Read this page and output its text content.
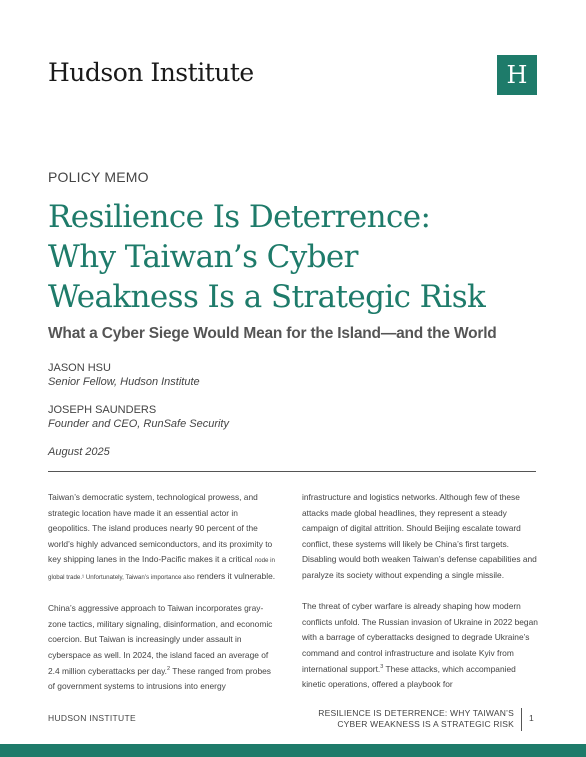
Hudson Institute	H
POLICY MEMO
Resilience Is Deterrence:
Why Taiwan’s Cyber
Weakness Is a Strategic Risk
What a Cyber Siege Would Mean for the Island—and the World
JASON HSU
Senior Fellow, Hudson Institute
JOSEPH SAUNDERS
Founder and CEO, RunSafe Security
August 2025

Taiwan’s democratic system, technological prowess, and strategic location have made it an essential actor in geopolitics. The island produces nearly 90 percent of the world’s highly advanced semiconductors, and its proximity to key shipping lanes in the Indo-Pacific makes it a critical node in global trade.¹ Unfortunately, Taiwan’s importance also renders it vulnerable.

China’s aggressive approach to Taiwan incorporates gray-zone tactics, military signaling, disinformation, and economic coercion. But Taiwan is increasingly under assault in cyberspace as well. In 2024, the island faced an average of 2.4 million cyberattacks per day.$^2$ These ranged from probes of government systems to intrusions into energy

infrastructure and logistics networks. Although few of these attacks made global headlines, they represent a steady campaign of digital attrition. Should Beijing escalate toward conflict, these systems will likely be China’s first targets. Disabling would both weaken Taiwan’s defense capabilities and paralyze its society without expending a single missile.

The threat of cyber warfare is already shaping how modern conflicts unfold. The Russian invasion of Ukraine in 2022 began with a barrage of cyberattacks designed to degrade Ukraine’s command and control infrastructure and isolate Kyiv from international support.$^3$ These attacks, which accompanied kinetic operations, offered a playbook for

HUDSON INSTITUTE	RESILIENCE IS DETERRENCE: WHY TAIWAN’S
CYBER WEAKNESS IS A STRATEGIC RISK
1
